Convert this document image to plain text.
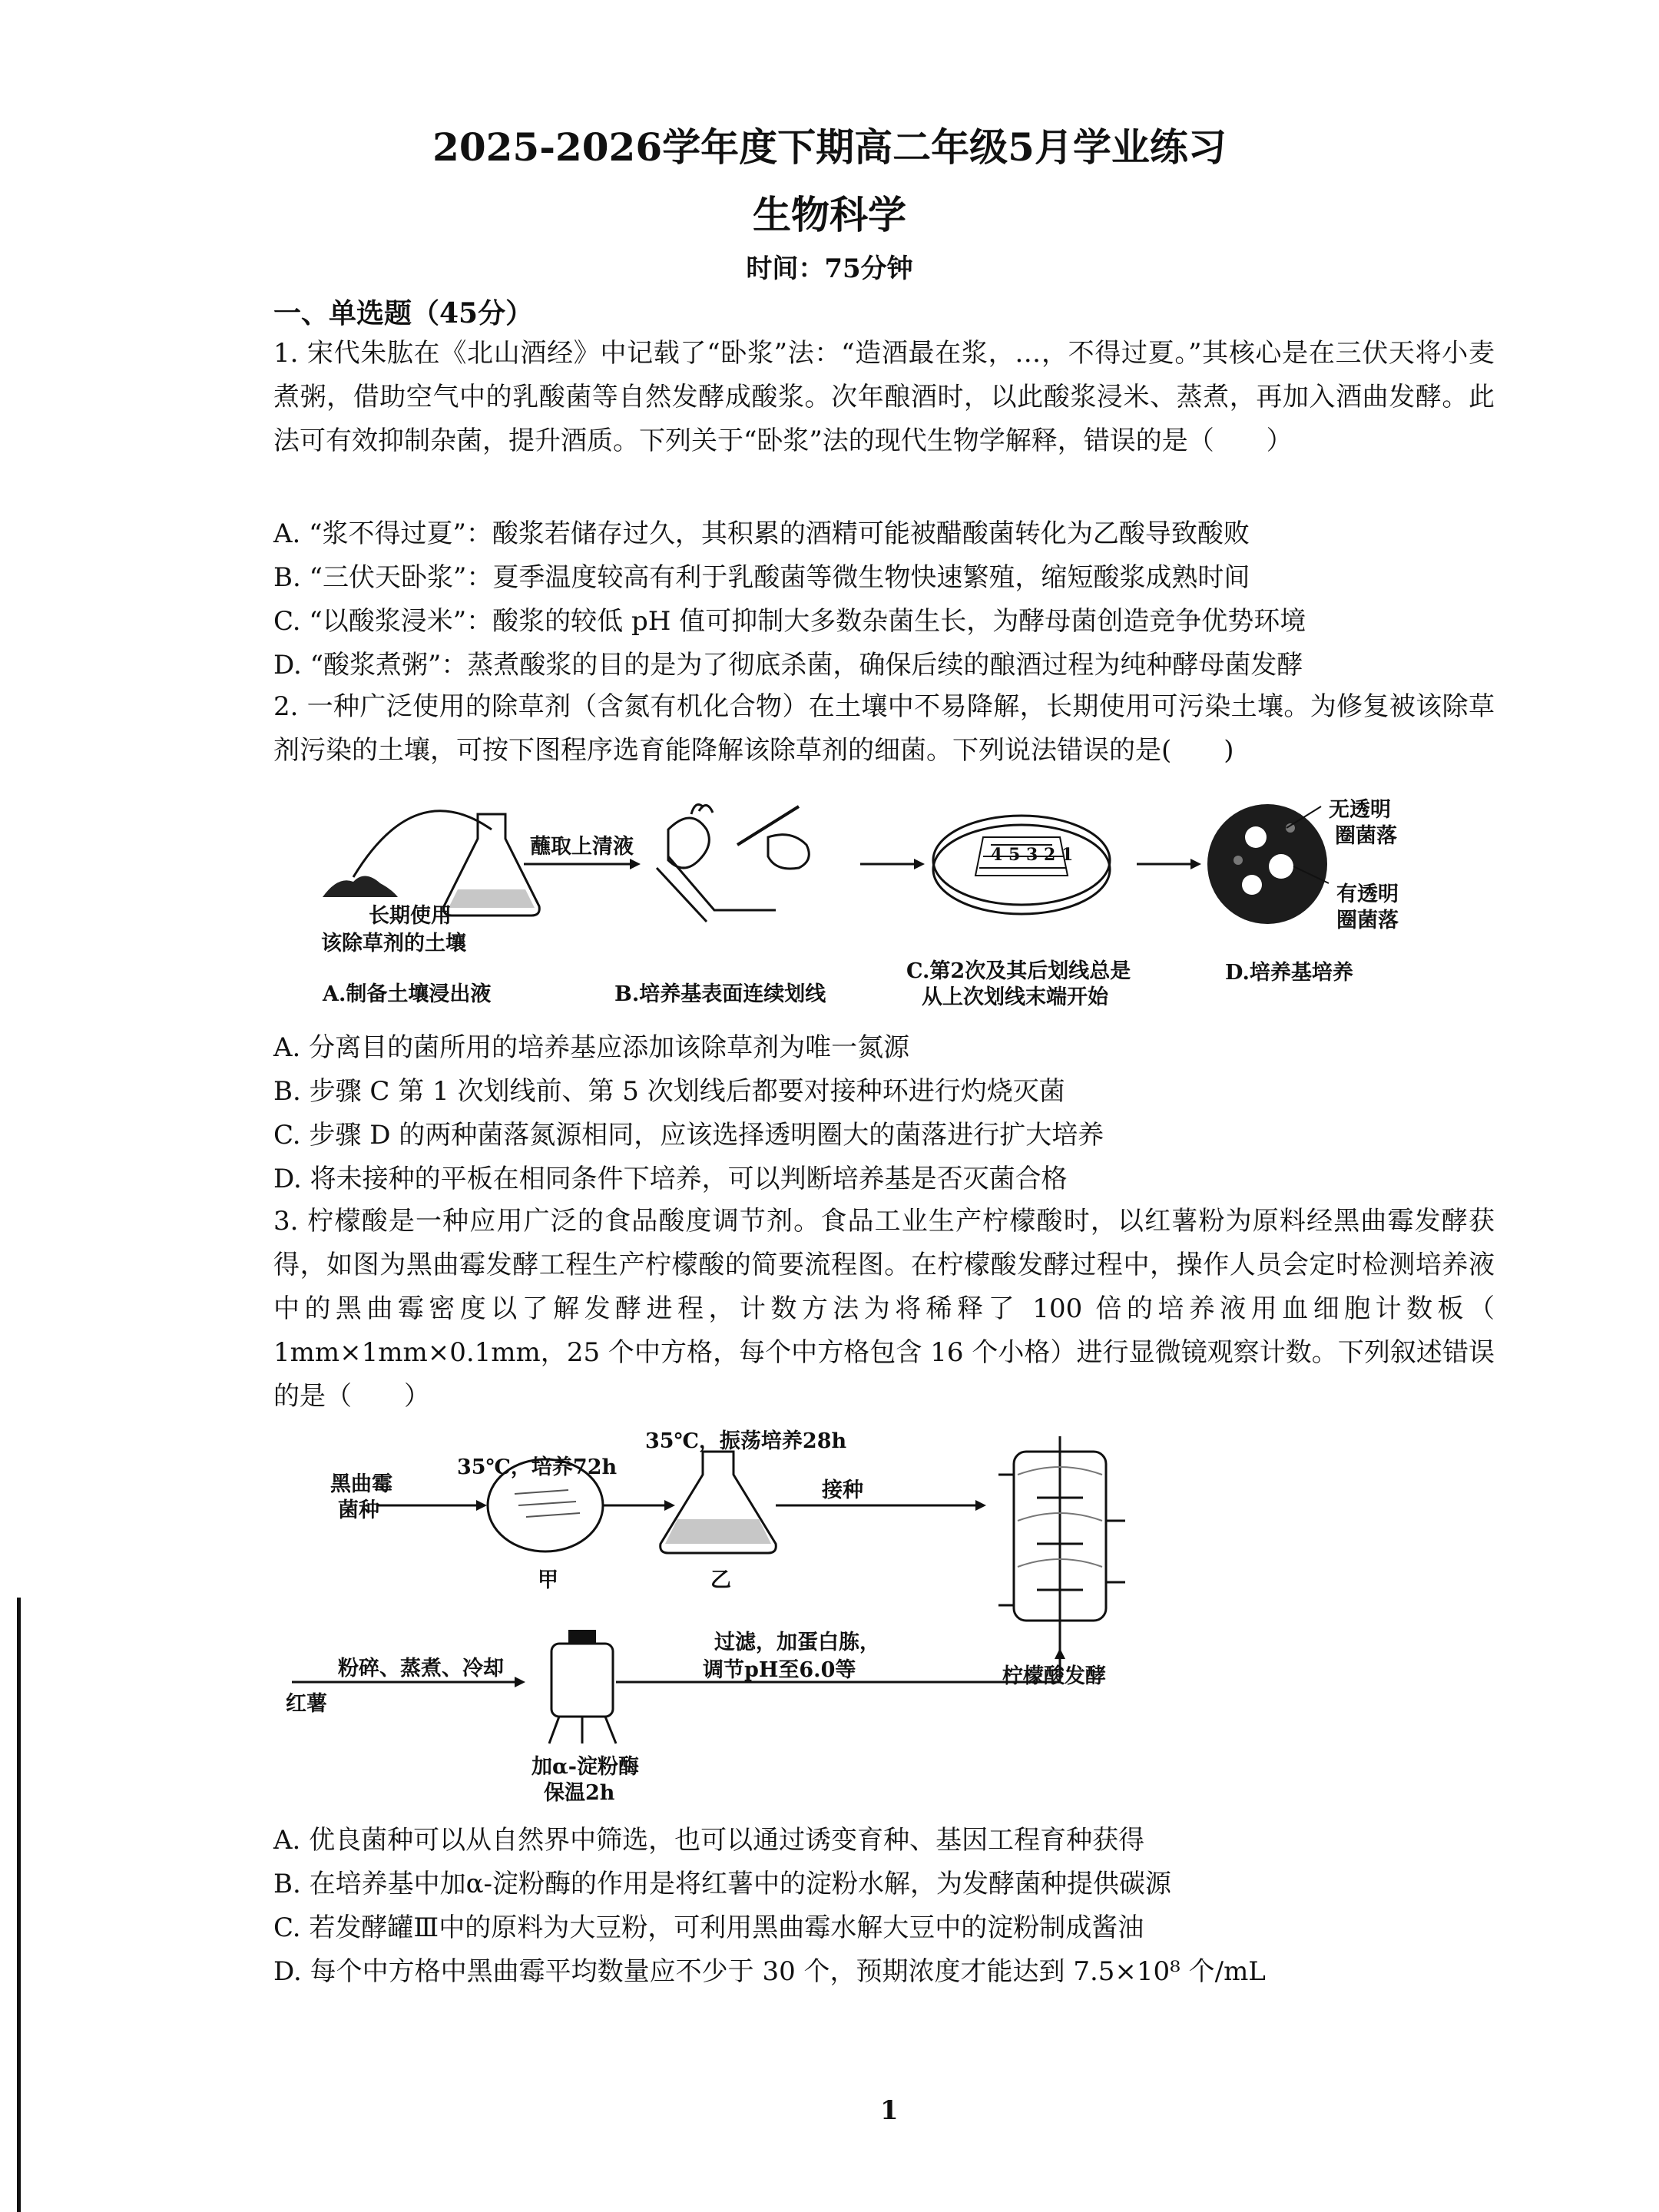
2025-2026学年度下期高二年级5月学业练习
生物科学
时间：75分钟
一、单选题（45分）
1. 宋代朱肱在《北山酒经》中记载了“卧浆”法：“造酒最在浆，…，不得过夏。”其核心是在三伏天将小麦煮粥，借助空气中的乳酸菌等自然发酵成酸浆。次年酿酒时，以此酸浆浸米、蒸煮，再加入酒曲发酵。此法可有效抑制杂菌，提升酒质。下列关于“卧浆”法的现代生物学解释，错误的是（　　）
A. “浆不得过夏”：酸浆若储存过久，其积累的酒精可能被醋酸菌转化为乙酸导致酸败
B. “三伏天卧浆”：夏季温度较高有利于乳酸菌等微生物快速繁殖，缩短酸浆成熟时间
C. “以酸浆浸米”：酸浆的较低 pH 值可抑制大多数杂菌生长，为酵母菌创造竞争优势环境
D. “酸浆煮粥”：蒸煮酸浆的目的是为了彻底杀菌，确保后续的酿酒过程为纯种酵母菌发酵
2. 一种广泛使用的除草剂（含氮有机化合物）在土壤中不易降解，长期使用可污染土壤。为修复被该除草剂污染的土壤，可按下图程序选育能降解该除草剂的细菌。下列说法错误的是(　　)
长期使用
该除草剂的土壤
蘸取上清液	4 5 3 2 1
无透明
圈菌落
有透明
圈菌落
A.制备土壤浸出液	B.培养基表面连续划线
C.第2次及其后划线总是
从上次划线末端开始
D.培养基培养
A. 分离目的菌所用的培养基应添加该除草剂为唯一氮源
B. 步骤 C 第 1 次划线前、第 5 次划线后都要对接种环进行灼烧灭菌
C. 步骤 D 的两种菌落氮源相同，应该选择透明圈大的菌落进行扩大培养
D. 将未接种的平板在相同条件下培养，可以判断培养基是否灭菌合格
3. 柠檬酸是一种应用广泛的食品酸度调节剂。食品工业生产柠檬酸时，以红薯粉为原料经黑曲霉发酵获得，如图为黑曲霉发酵工程生产柠檬酸的简要流程图。在柠檬酸发酵过程中，操作人员会定时检测培养液中的黑曲霉密度以了解发酵进程，计数方法为将稀释了 100 倍的培养液用血细胞计数板（ 1mm×1mm×0.1mm，25 个中方格，每个中方格包含 16 个小格）进行显微镜观察计数。下列叙述错误的是（　　）
黑曲霉
菌种
35℃，培养72h
35℃，振荡培养28h
甲	乙
接种
红薯
粉碎、蒸煮、冷却
过滤，加蛋白胨，
调节pH至6.0等
加α-淀粉酶
保温2h
柠檬酸发酵
A. 优良菌种可以从自然界中筛选，也可以通过诱变育种、基因工程育种获得
B. 在培养基中加α-淀粉酶的作用是将红薯中的淀粉水解，为发酵菌种提供碳源
C. 若发酵罐Ⅲ中的原料为大豆粉，可利用黑曲霉水解大豆中的淀粉制成酱油
D. 每个中方格中黑曲霉平均数量应不少于 30 个，预期浓度才能达到 7.5×10⁸ 个/mL
1
